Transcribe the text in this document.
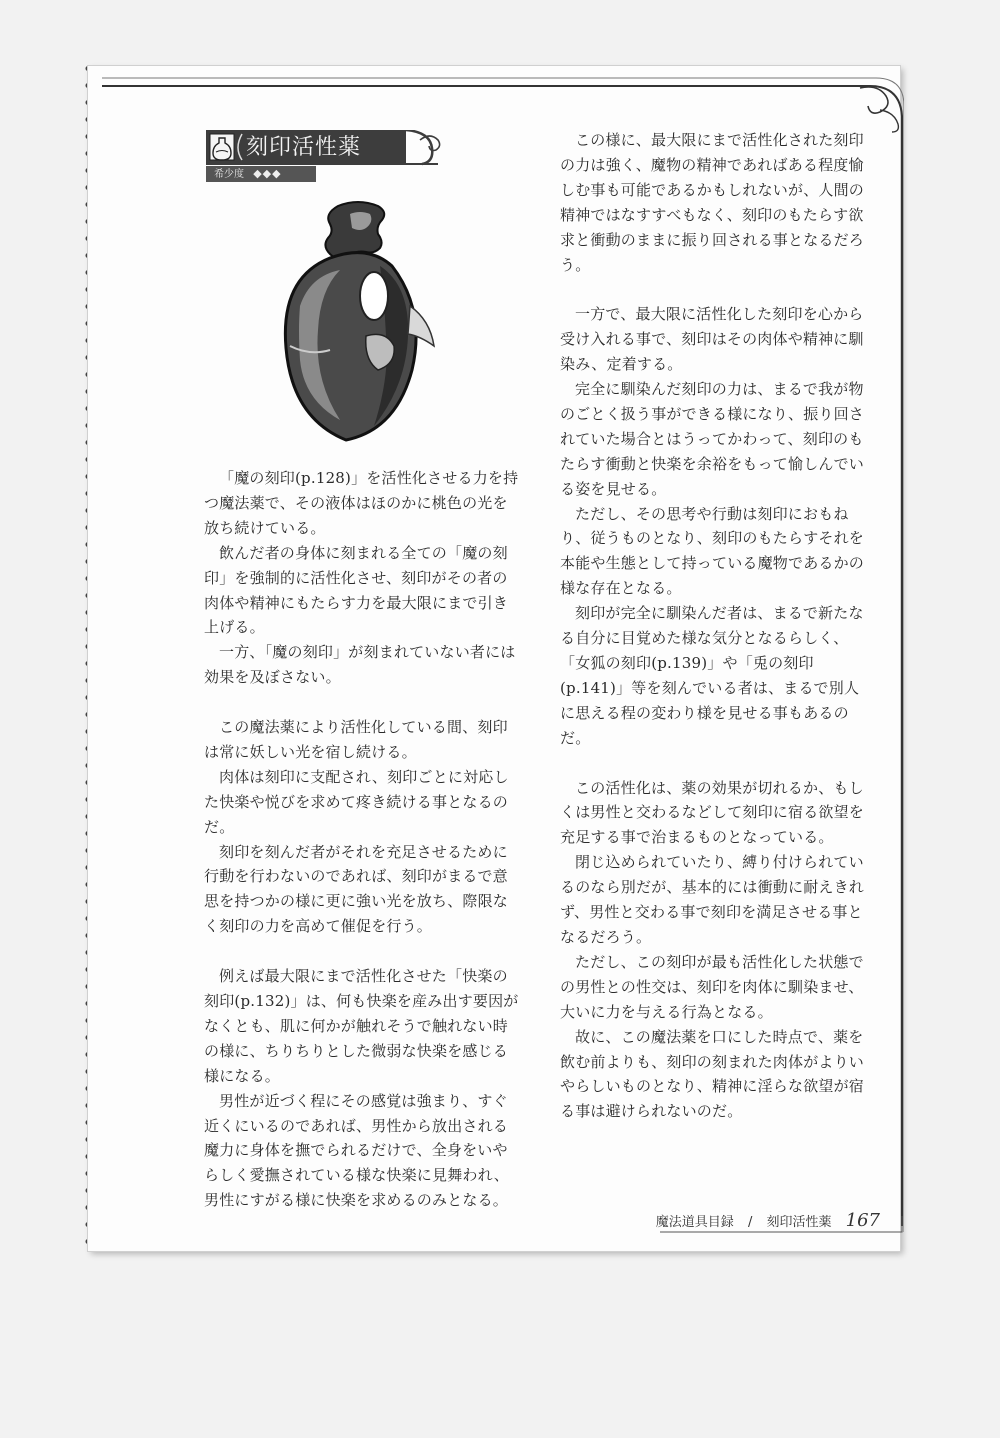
刻印活性薬
希少度 ◆◆◆

「魔の刻印(p.128)」を活性化させる力を持つ魔法薬で、その液体はほのかに桃色の光を放ち続けている。

飲んだ者の身体に刻まれる全ての「魔の刻印」を強制的に活性化させ、刻印がその者の肉体や精神にもたらす力を最大限にまで引き上げる。

一方、「魔の刻印」が刻まれていない者には効果を及ぼさない。

この魔法薬により活性化している間、刻印は常に妖しい光を宿し続ける。

肉体は刻印に支配され、刻印ごとに対応した快楽や悦びを求めて疼き続ける事となるのだ。

刻印を刻んだ者がそれを充足させるために行動を行わないのであれば、刻印がまるで意思を持つかの様に更に強い光を放ち、際限なく刻印の力を高めて催促を行う。

例えば最大限にまで活性化させた「快楽の刻印(p.132)」は、何も快楽を産み出す要因がなくとも、肌に何かが触れそうで触れない時の様に、ちりちりとした微弱な快楽を感じる様になる。

男性が近づく程にその感覚は強まり、すぐ近くにいるのであれば、男性から放出される魔力に身体を撫でられるだけで、全身をいやらしく愛撫されている様な快楽に見舞われ、男性にすがる様に快楽を求めるのみとなる。

この様に、最大限にまで活性化された刻印の力は強く、魔物の精神であればある程度愉しむ事も可能であるかもしれないが、人間の精神ではなすすべもなく、刻印のもたらす欲求と衝動のままに振り回される事となるだろう。

一方で、最大限に活性化した刻印を心から受け入れる事で、刻印はその肉体や精神に馴染み、定着する。

完全に馴染んだ刻印の力は、まるで我が物のごとく扱う事ができる様になり、振り回されていた場合とはうってかわって、刻印のもたらす衝動と快楽を余裕をもって愉しんでいる姿を見せる。

ただし、その思考や行動は刻印におもねり、従うものとなり、刻印のもたらすそれを本能や生態として持っている魔物であるかの様な存在となる。

刻印が完全に馴染んだ者は、まるで新たなる自分に目覚めた様な気分となるらしく、「女狐の刻印(p.139)」や「兎の刻印(p.141)」等を刻んでいる者は、まるで別人に思える程の変わり様を見せる事もあるのだ。

この活性化は、薬の効果が切れるか、もしくは男性と交わるなどして刻印に宿る欲望を充足する事で治まるものとなっている。

閉じ込められていたり、縛り付けられているのなら別だが、基本的には衝動に耐えきれず、男性と交わる事で刻印を満足させる事となるだろう。

ただし、この刻印が最も活性化した状態での男性との性交は、刻印を肉体に馴染ませ、大いに力を与える行為となる。

故に、この魔法薬を口にした時点で、薬を飲む前よりも、刻印の刻まれた肉体がよりいやらしいものとなり、精神に淫らな欲望が宿る事は避けられないのだ。

魔法道具目録 / 刻印活性薬 167
